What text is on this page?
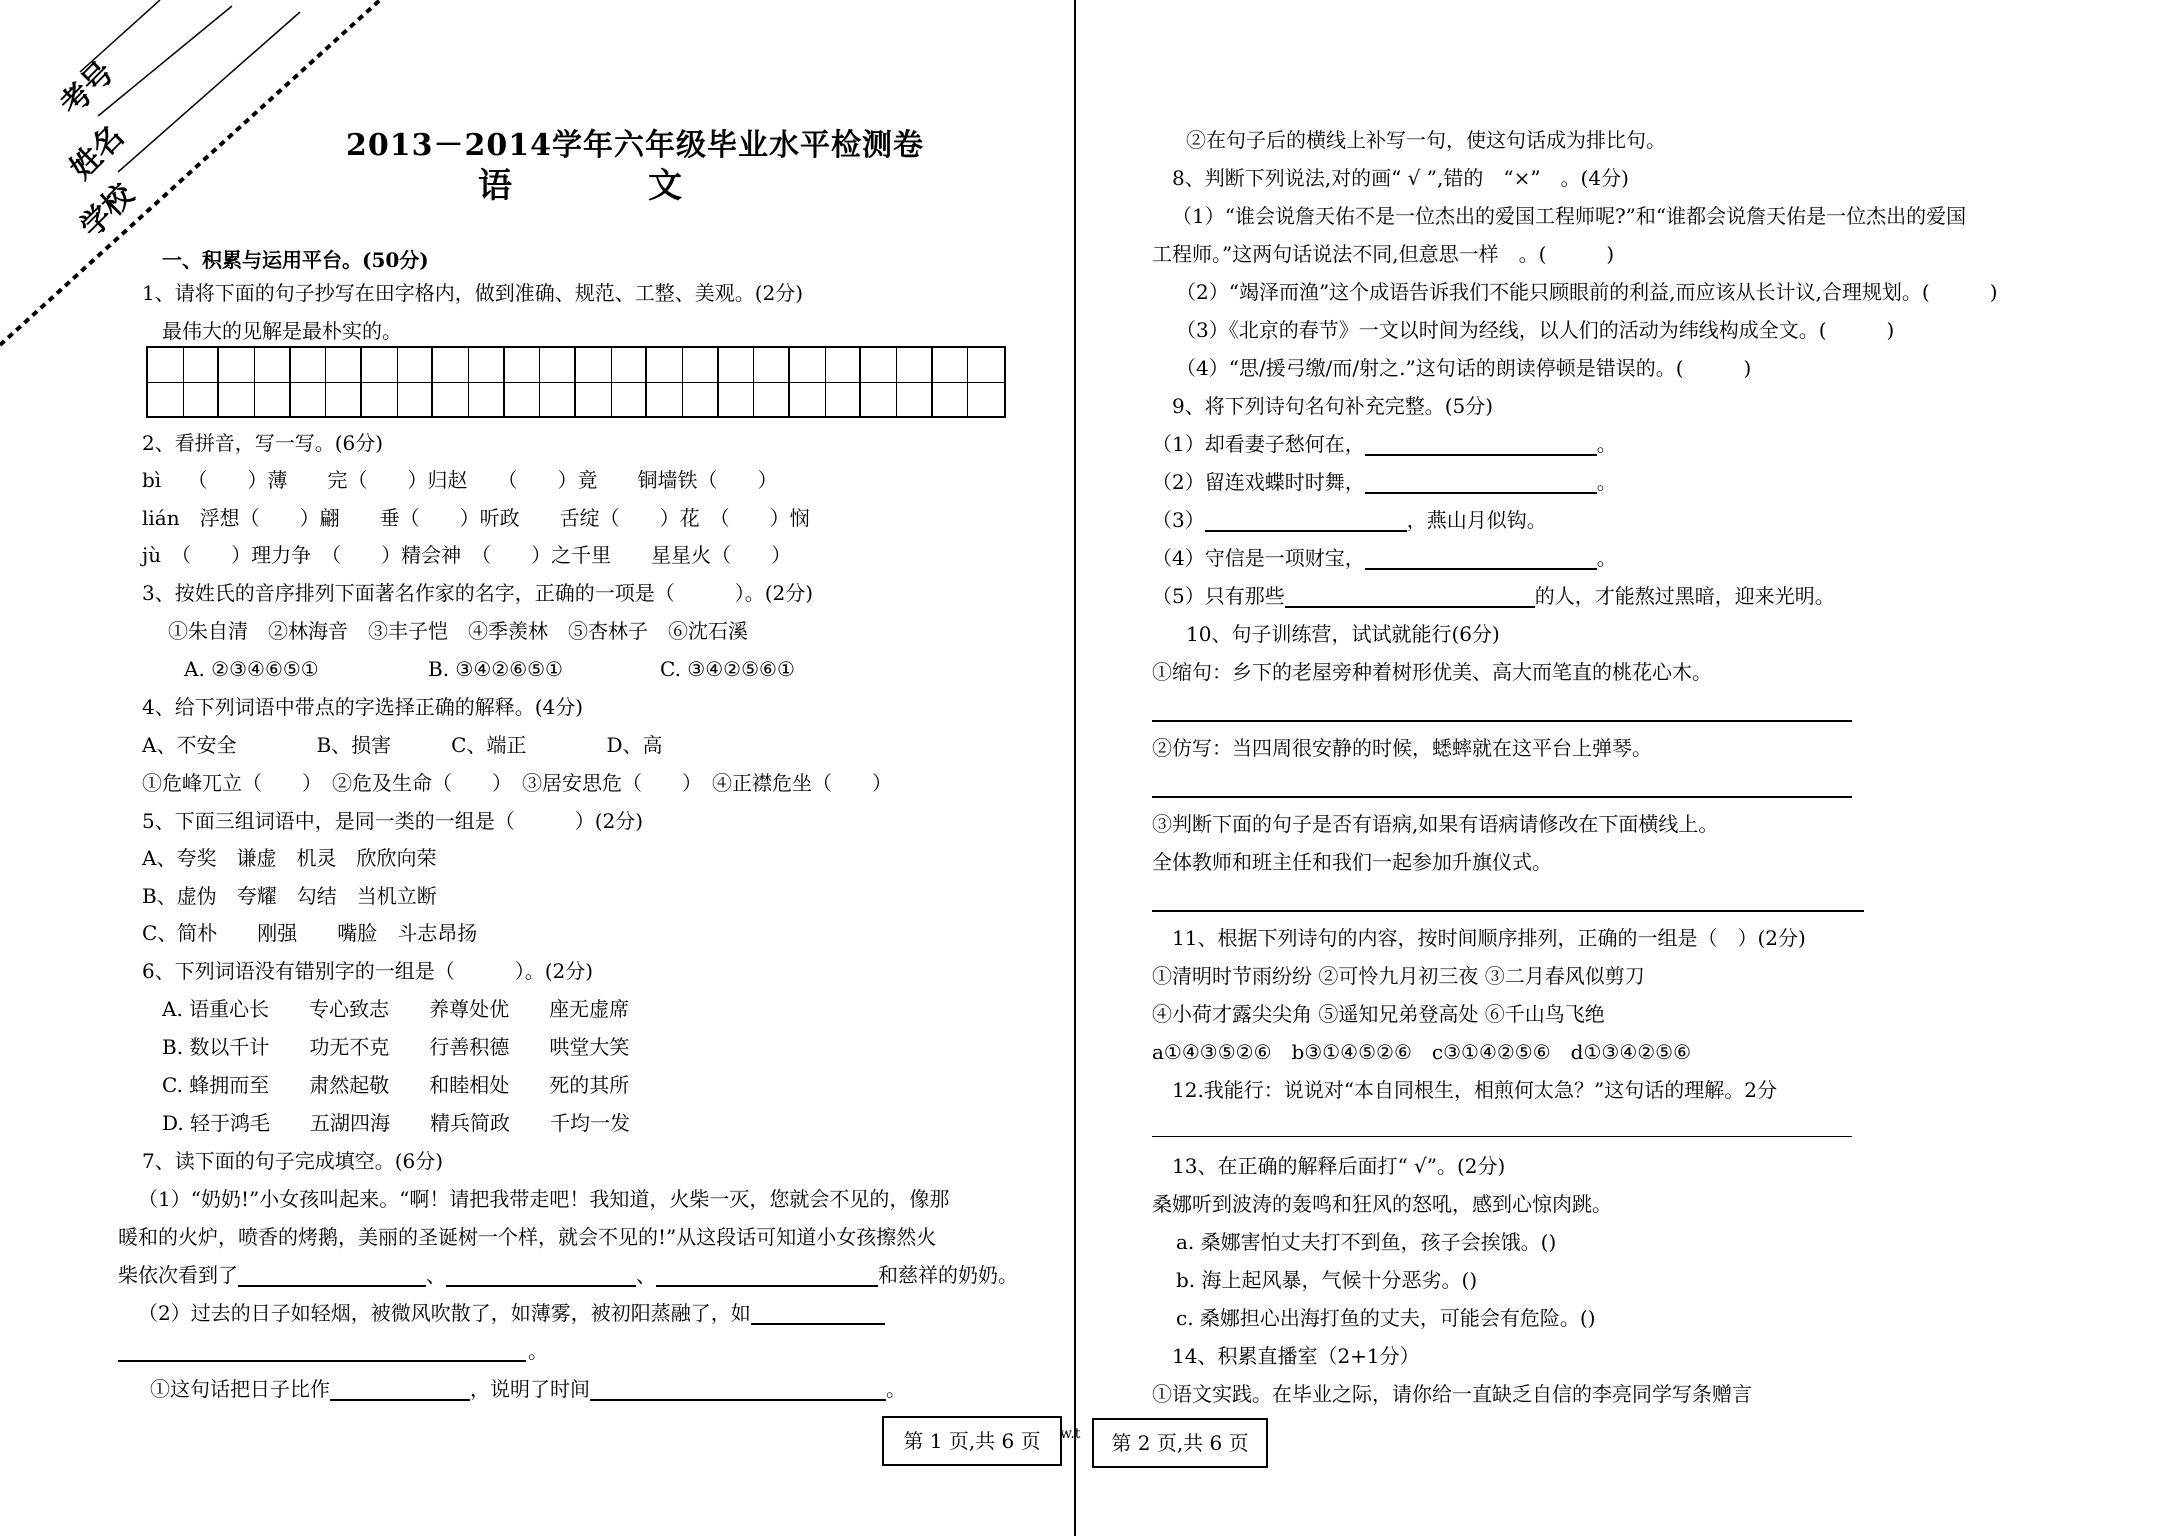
考号
姓名
学校
2013－2014学年六年级毕业水平检测卷
语	文
一、积累与运用平台。(50分)
1、请将下面的句子抄写在田字格内，做到准确、规范、工整、美观。(2分)
最伟大的见解是最朴实的。
2、看拼音，写一写。(6分)
bì　 （　　）薄　　完（　　）归赵　　（　　）竟　　铜墙铁（　　）
lián　浮想（　　）翩　　垂（　　）听政　　舌绽（　　）花　（　　）悯
jù　（　　）理力争　（　　）精会神　（　　）之千里　　星星火（　　）
3、按姓氏的音序排列下面著名作家的名字，正确的一项是（　　　）。(2分)
①朱自清　②林海音　③丰子恺　④季羡林　⑤杏林子　⑥沈石溪
A. ②③④⑥⑤①	B. ③④②⑥⑤①	C. ③④②⑤⑥①
4、给下列词语中带点的字选择正确的解释。(4分)
A、不安全　　　　B、损害　　　C、端正　　　　D、高
①危峰兀立（　　）　②危及生命（　　）　③居安思危（　　）　④正襟危坐（　　）
5、下面三组词语中，是同一类的一组是（　　　）(2分)
A、夸奖　谦虚　机灵　欣欣向荣
B、虚伪　夸耀　勾结　当机立断
C、简朴　　刚强　　嘴脸　斗志昂扬
6、下列词语没有错别字的一组是（　　　）。(2分)
A. 语重心长　　专心致志　　养尊处优　　座无虚席
B. 数以千计　　功无不克　　行善积德　　哄堂大笑
C. 蜂拥而至　　肃然起敬　　和睦相处　　死的其所
D. 轻于鸿毛　　五湖四海　　精兵简政　　千均一发
7、读下面的句子完成填空。(6分)
（1）“奶奶!”小女孩叫起来。“啊！请把我带走吧！我知道，火柴一灭，您就会不见的，像那
暖和的火炉，喷香的烤鹅，美丽的圣诞树一个样，就会不见的!”从这段话可知道小女孩擦然火
柴依次看到了	、	、	和慈祥的奶奶。
（2）过去的日子如轻烟，被微风吹散了，如薄雾，被初阳蒸融了，如
。
①这句话把日子比作	，说明了时间	。
第 1 页,共 6 页	w.t
②在句子后的横线上补写一句，使这句话成为排比句。
8、判断下列说法,对的画“ √ ”,错的　“×”　。(4分)
（1）“谁会说詹天佑不是一位杰出的爱国工程师呢?”和“谁都会说詹天佑是一位杰出的爱国
工程师。”这两句话说法不同,但意思一样　。(　　　)
（2）“竭泽而渔”这个成语告诉我们不能只顾眼前的利益,而应该从长计议,合理规划。(　　　)
（3）《北京的春节》一文以时间为经线，以人们的活动为纬线构成全文。(　　　)
（4）“思/援弓缴/而/射之.”这句话的朗读停顿是错误的。(　　　)
9、将下列诗句名句补充完整。(5分)
（1）却看妻子愁何在，	。
（2）留连戏蝶时时舞，	。
（3）	，燕山月似钩。
（4）守信是一项财宝，	。
（5）只有那些	的人，才能熬过黑暗，迎来光明。
10、句子训练营，试试就能行(6分)
①缩句：乡下的老屋旁种着树形优美、高大而笔直的桃花心木。
②仿写：当四周很安静的时候，蟋蟀就在这平台上弹琴。
③判断下面的句子是否有语病,如果有语病请修改在下面横线上。
全体教师和班主任和我们一起参加升旗仪式。
11、根据下列诗句的内容，按时间顺序排列，正确的一组是（　）(2分)
①清明时节雨纷纷 ②可怜九月初三夜 ③二月春风似剪刀
④小荷才露尖尖角 ⑤遥知兄弟登高处 ⑥千山鸟飞绝
a①④③⑤②⑥　b③①④⑤②⑥　c③①④②⑤⑥　d①③④②⑤⑥
12.我能行：说说对“本自同根生，相煎何太急？”这句话的理解。2分
13、在正确的解释后面打“ √”。(2分)
桑娜听到波涛的轰鸣和狂风的怒吼，感到心惊肉跳。
a. 桑娜害怕丈夫打不到鱼，孩子会挨饿。()
b. 海上起风暴，气候十分恶劣。()
c. 桑娜担心出海打鱼的丈夫，可能会有危险。()
14、积累直播室（2+1分）
①语文实践。在毕业之际，请你给一直缺乏自信的李亮同学写条赠言
第 2 页,共 6 页
